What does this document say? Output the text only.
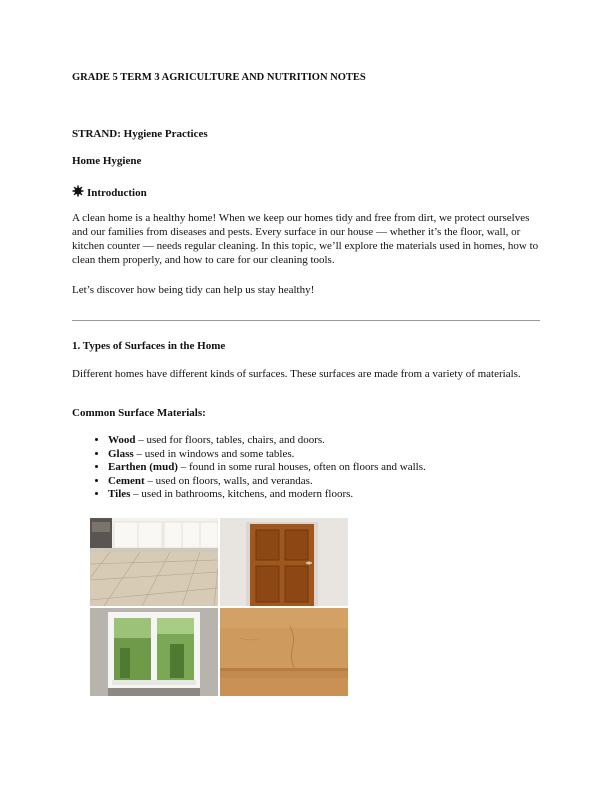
GRADE 5 TERM 3 AGRICULTURE AND NUTRITION NOTES
STRAND: Hygiene Practices
Home Hygiene
Introduction

A clean home is a healthy home! When we keep our homes tidy and free from dirt, we protect ourselves and our families from diseases and pests. Every surface in our house — whether it’s the floor, wall, or kitchen counter — needs regular cleaning. In this topic, we’ll explore the materials used in homes, how to clean them properly, and how to care for our cleaning tools.

Let’s discover how being tidy can help us stay healthy!

1. Types of Surfaces in the Home

Different homes have different kinds of surfaces. These surfaces are made from a variety of materials.

Common Surface Materials:
• Wood – used for floors, tables, chairs, and doors.
• Glass – used in windows and some tables.
• Earthen (mud) – found in some rural houses, often on floors and walls.
• Cement – used on floors, walls, and verandas.
• Tiles – used in bathrooms, kitchens, and modern floors.
